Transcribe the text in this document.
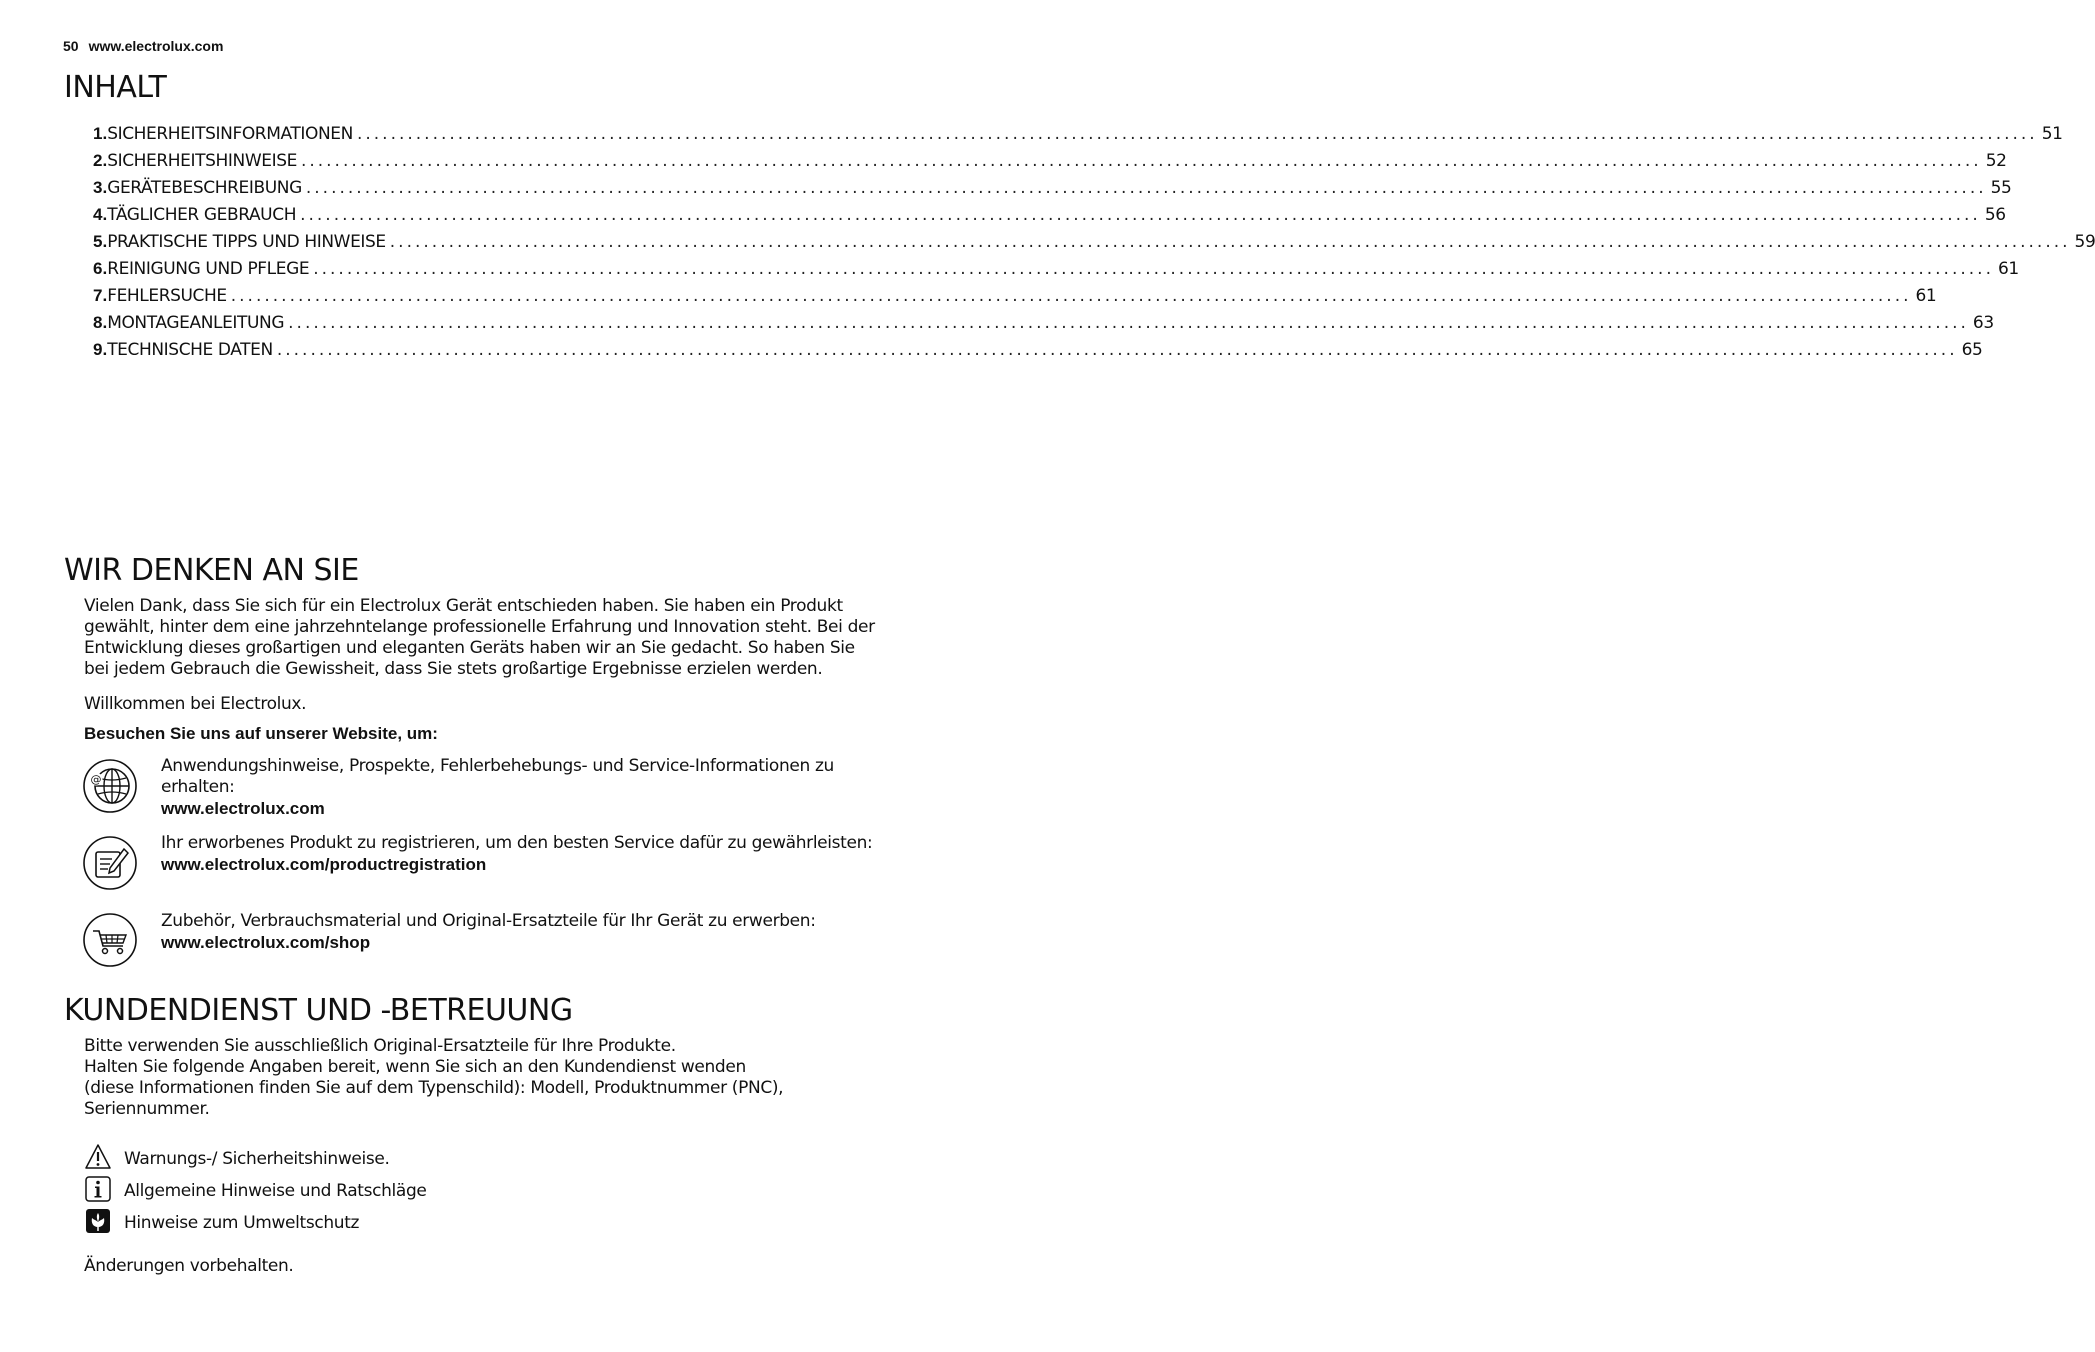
50 www.electrolux.com
INHALT
1. SICHERHEITSINFORMATIONEN ........................................................................................................................................................................................................ 51
2. SICHERHEITSHINWEISE ........................................................................................................................................................................................................ 52
3. GERÄTEBESCHREIBUNG ........................................................................................................................................................................................................ 55
4. TÄGLICHER GEBRAUCH ........................................................................................................................................................................................................ 56
5. PRAKTISCHE TIPPS UND HINWEISE ........................................................................................................................................................................................................ 59
6. REINIGUNG UND PFLEGE ........................................................................................................................................................................................................ 61
7. FEHLERSUCHE ........................................................................................................................................................................................................ 61
8. MONTAGEANLEITUNG ........................................................................................................................................................................................................ 63
9. TECHNISCHE DATEN ........................................................................................................................................................................................................ 65
WIR DENKEN AN SIE
Vielen Dank, dass Sie sich für ein Electrolux Gerät entschieden haben. Sie haben ein Produkt
gewählt, hinter dem eine jahrzehntelange professionelle Erfahrung und Innovation steht. Bei der
Entwicklung dieses großartigen und eleganten Geräts haben wir an Sie gedacht. So haben Sie
bei jedem Gebrauch die Gewissheit, dass Sie stets großartige Ergebnisse erzielen werden.
Willkommen bei Electrolux.
Besuchen Sie uns auf unserer Website, um:
@
Anwendungshinweise, Prospekte, Fehlerbehebungs- und Service-Informationen zu
erhalten:
www.electrolux.com
Ihr erworbenes Produkt zu registrieren, um den besten Service dafür zu gewährleisten:
www.electrolux.com/productregistration
Zubehör, Verbrauchsmaterial und Original-Ersatzteile für Ihr Gerät zu erwerben:
www.electrolux.com/shop
KUNDENDIENST UND -BETREUUNG
Bitte verwenden Sie ausschließlich Original-Ersatzteile für Ihre Produkte.
Halten Sie folgende Angaben bereit, wenn Sie sich an den Kundendienst wenden
(diese Informationen finden Sie auf dem Typenschild): Modell, Produktnummer (PNC),
Seriennummer.
Warnungs-/ Sicherheitshinweise.
Allgemeine Hinweise und Ratschläge
Hinweise zum Umweltschutz
Änderungen vorbehalten.
